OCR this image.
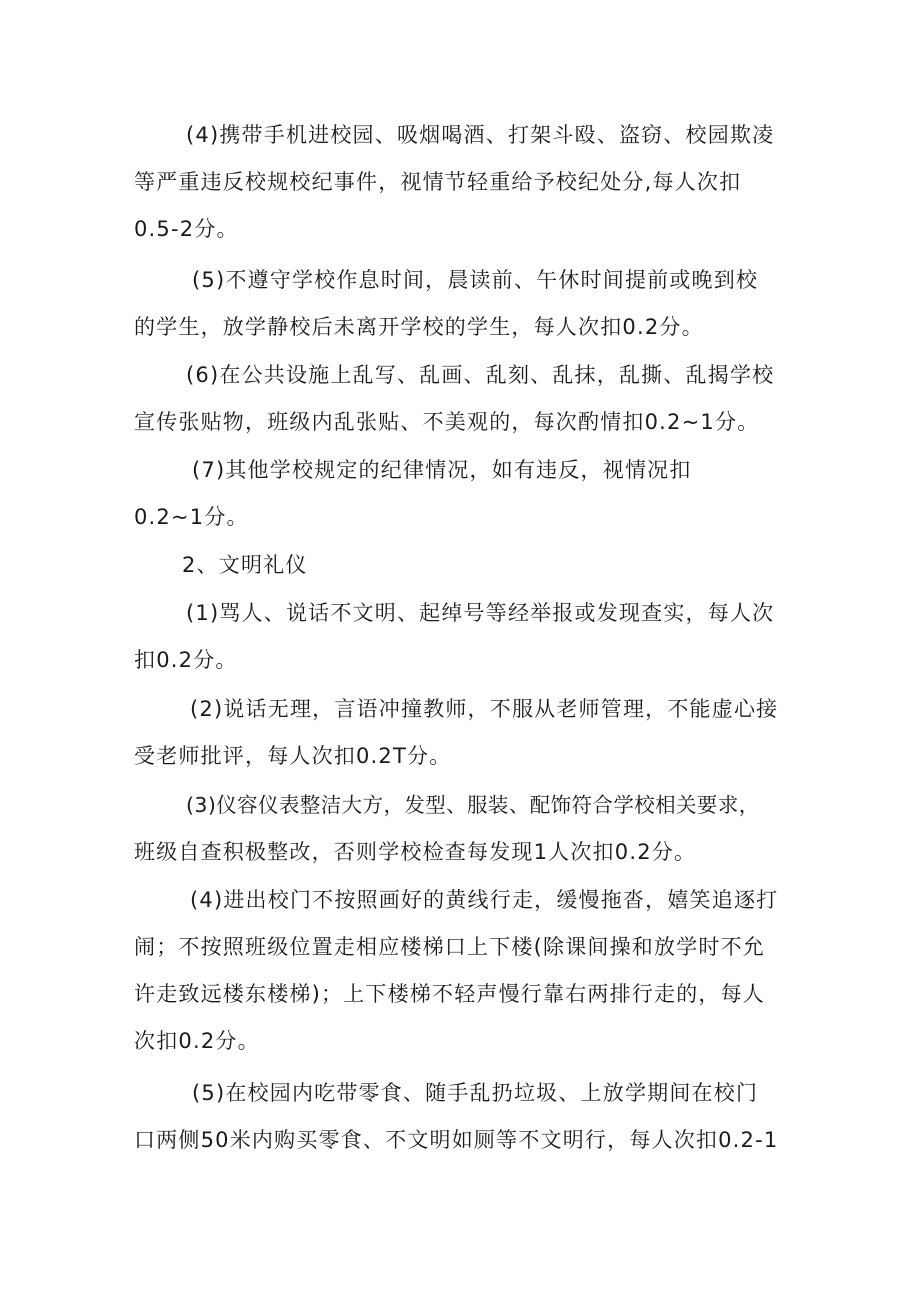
(4)携带手机进校园、吸烟喝酒、打架斗殴、盗窃、校园欺凌
等严重违反校规校纪事件，视情节轻重给予校纪处分,每人次扣
0.5-2分。
(5)不遵守学校作息时间，晨读前、午休时间提前或晚到校
的学生，放学静校后未离开学校的学生，每人次扣0.2分。
(6)在公共设施上乱写、乱画、乱刻、乱抹，乱撕、乱揭学校
宣传张贴物，班级内乱张贴、不美观的，每次酌情扣0.2~1分。
(7)其他学校规定的纪律情况，如有违反，视情况扣
0.2~1分。
2、文明礼仪
(1)骂人、说话不文明、起绰号等经举报或发现查实，每人次
扣0.2分。
(2)说话无理，言语冲撞教师，不服从老师管理，不能虚心接
受老师批评，每人次扣0.2T分。
(3)仪容仪表整洁大方，发型、服装、配饰符合学校相关要求，
班级自查积极整改，否则学校检查每发现1人次扣0.2分。
(4)进出校门不按照画好的黄线行走，缓慢拖沓，嬉笑追逐打
闹；不按照班级位置走相应楼梯口上下楼(除课间操和放学时不允
许走致远楼东楼梯)；上下楼梯不轻声慢行靠右两排行走的，每人
次扣0.2分。
(5)在校园内吃带零食、随手乱扔垃圾、上放学期间在校门
口两侧50米内购买零食、不文明如厕等不文明行，每人次扣0.2-1
